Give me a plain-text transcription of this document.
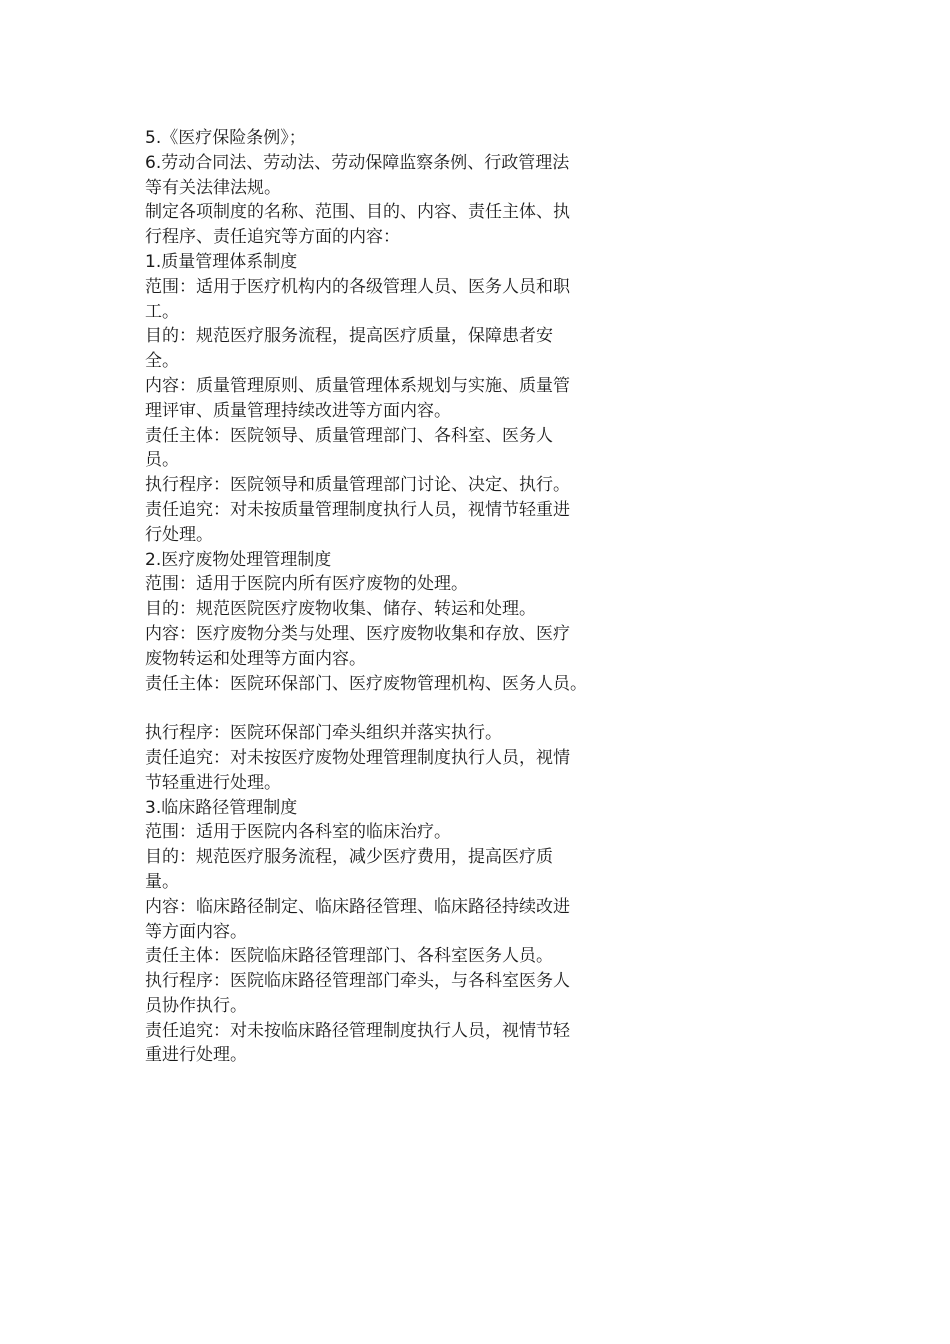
5.《医疗保险条例》；

6.劳动合同法、劳动法、劳动保障监察条例、行政管理法
等有关法律法规。

制定各项制度的名称、范围、目的、内容、责任主体、执
行程序、责任追究等方面的内容：

1.质量管理体系制度

范围：适用于医疗机构内的各级管理人员、医务人员和职
工。

目的：规范医疗服务流程，提高医疗质量，保障患者安
全。

内容：质量管理原则、质量管理体系规划与实施、质量管
理评审、质量管理持续改进等方面内容。

责任主体：医院领导、质量管理部门、各科室、医务人
员。

执行程序：医院领导和质量管理部门讨论、决定、执行。

责任追究：对未按质量管理制度执行人员，视情节轻重进
行处理。

2.医疗废物处理管理制度

范围：适用于医院内所有医疗废物的处理。

目的：规范医院医疗废物收集、储存、转运和处理。

内容：医疗废物分类与处理、医疗废物收集和存放、医疗
废物转运和处理等方面内容。

责任主体：医院环保部门、医疗废物管理机构、医务人员。

执行程序：医院环保部门牵头组织并落实执行。

责任追究：对未按医疗废物处理管理制度执行人员，视情
节轻重进行处理。

3.临床路径管理制度

范围：适用于医院内各科室的临床治疗。

目的：规范医疗服务流程，减少医疗费用，提高医疗质
量。

内容：临床路径制定、临床路径管理、临床路径持续改进
等方面内容。

责任主体：医院临床路径管理部门、各科室医务人员。

执行程序：医院临床路径管理部门牵头，与各科室医务人
员协作执行。

责任追究：对未按临床路径管理制度执行人员，视情节轻
重进行处理。
